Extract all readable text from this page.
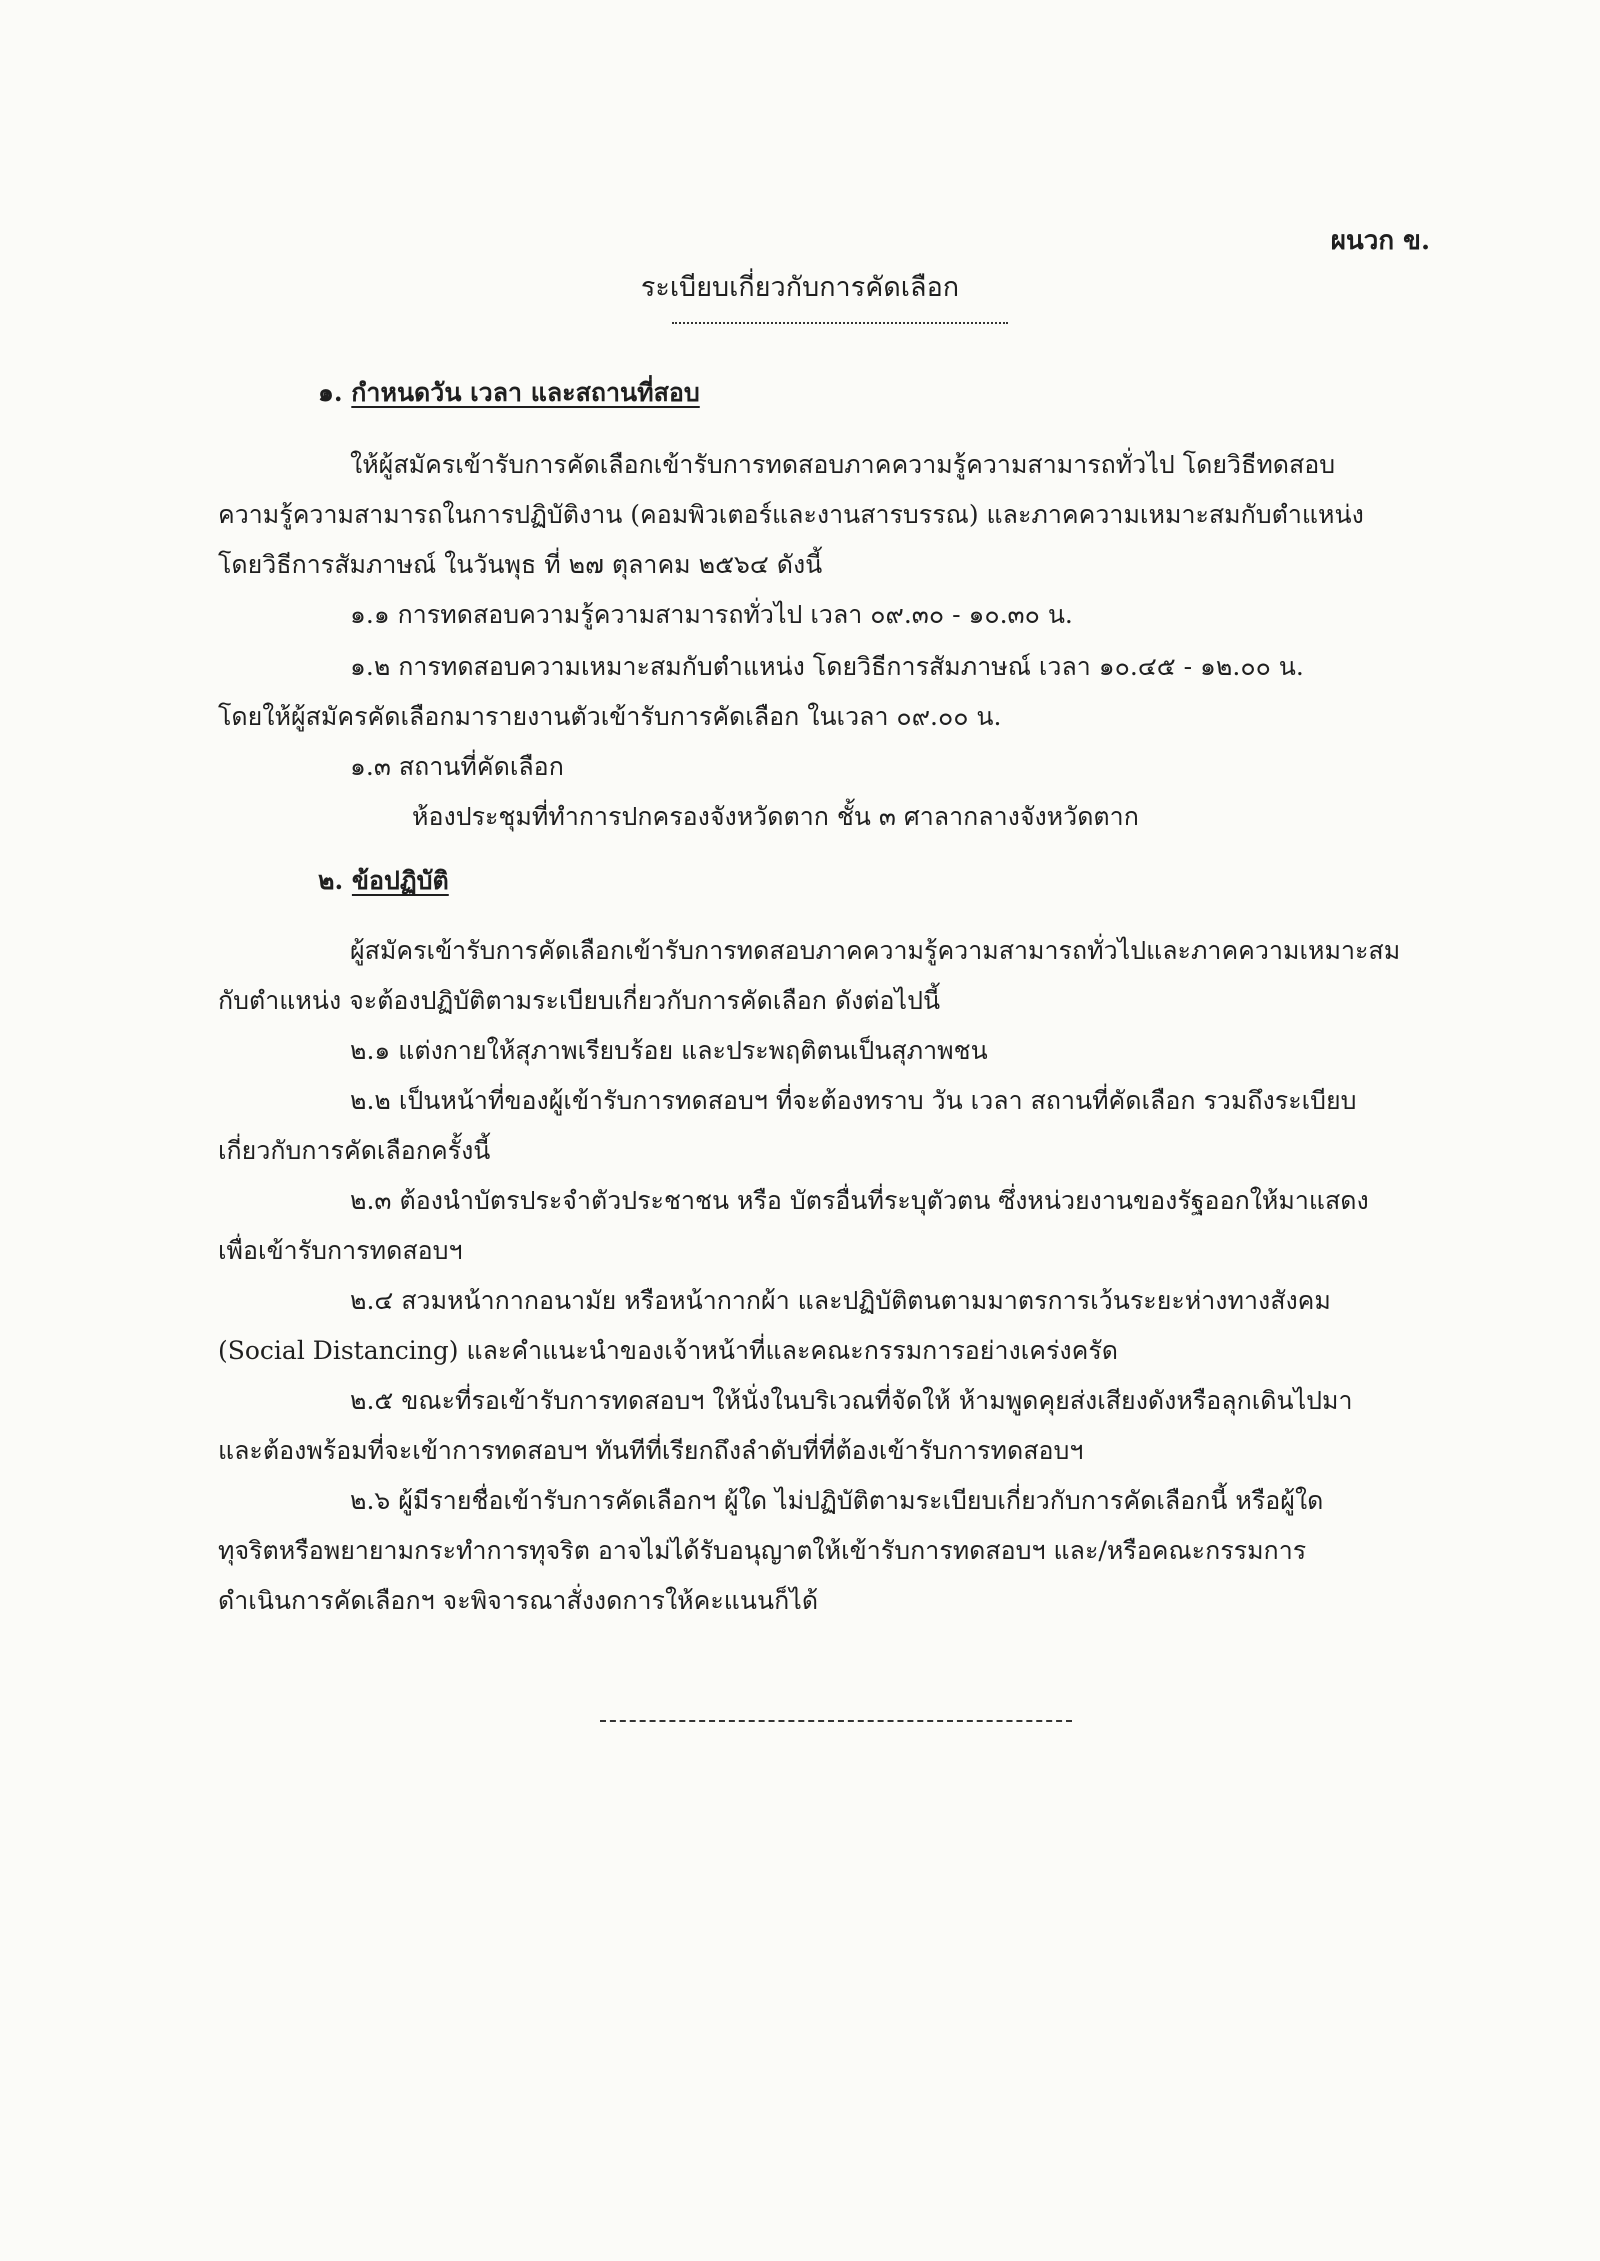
ผนวก ข.
ระเบียบเกี่ยวกับการคัดเลือก
๑. กำหนดวัน เวลา และสถานที่สอบ
ให้ผู้สมัครเข้ารับการคัดเลือกเข้ารับการทดสอบภาคความรู้ความสามารถทั่วไป โดยวิธีทดสอบ
ความรู้ความสามารถในการปฏิบัติงาน (คอมพิวเตอร์และงานสารบรรณ) และภาคความเหมาะสมกับตำแหน่ง
โดยวิธีการสัมภาษณ์ ในวันพุธ ที่ ๒๗ ตุลาคม ๒๕๖๔ ดังนี้
๑.๑ การทดสอบความรู้ความสามารถทั่วไป เวลา ๐๙.๓๐ - ๑๐.๓๐ น.
๑.๒ การทดสอบความเหมาะสมกับตำแหน่ง โดยวิธีการสัมภาษณ์ เวลา ๑๐.๔๕ - ๑๒.๐๐ น.
โดยให้ผู้สมัครคัดเลือกมารายงานตัวเข้ารับการคัดเลือก ในเวลา ๐๙.๐๐ น.
๑.๓ สถานที่คัดเลือก
ห้องประชุมที่ทำการปกครองจังหวัดตาก ชั้น ๓ ศาลากลางจังหวัดตาก
๒. ข้อปฏิบัติ
ผู้สมัครเข้ารับการคัดเลือกเข้ารับการทดสอบภาคความรู้ความสามารถทั่วไปและภาคความเหมาะสม
กับตำแหน่ง จะต้องปฏิบัติตามระเบียบเกี่ยวกับการคัดเลือก ดังต่อไปนี้
๒.๑ แต่งกายให้สุภาพเรียบร้อย และประพฤติตนเป็นสุภาพชน
๒.๒ เป็นหน้าที่ของผู้เข้ารับการทดสอบฯ ที่จะต้องทราบ วัน เวลา สถานที่คัดเลือก รวมถึงระเบียบ
เกี่ยวกับการคัดเลือกครั้งนี้
๒.๓ ต้องนำบัตรประจำตัวประชาชน หรือ บัตรอื่นที่ระบุตัวตน ซึ่งหน่วยงานของรัฐออกให้มาแสดง
เพื่อเข้ารับการทดสอบฯ
๒.๔ สวมหน้ากากอนามัย หรือหน้ากากผ้า และปฏิบัติตนตามมาตรการเว้นระยะห่างทางสังคม
(Social Distancing) และคำแนะนำของเจ้าหน้าที่และคณะกรรมการอย่างเคร่งครัด
๒.๕ ขณะที่รอเข้ารับการทดสอบฯ ให้นั่งในบริเวณที่จัดให้ ห้ามพูดคุยส่งเสียงดังหรือลุกเดินไปมา
และต้องพร้อมที่จะเข้าการทดสอบฯ ทันทีที่เรียกถึงลำดับที่ที่ต้องเข้ารับการทดสอบฯ
๒.๖ ผู้มีรายชื่อเข้ารับการคัดเลือกฯ ผู้ใด ไม่ปฏิบัติตามระเบียบเกี่ยวกับการคัดเลือกนี้ หรือผู้ใด
ทุจริตหรือพยายามกระทำการทุจริต อาจไม่ได้รับอนุญาตให้เข้ารับการทดสอบฯ และ/หรือคณะกรรมการ
ดำเนินการคัดเลือกฯ จะพิจารณาสั่งงดการให้คะแนนก็ได้
